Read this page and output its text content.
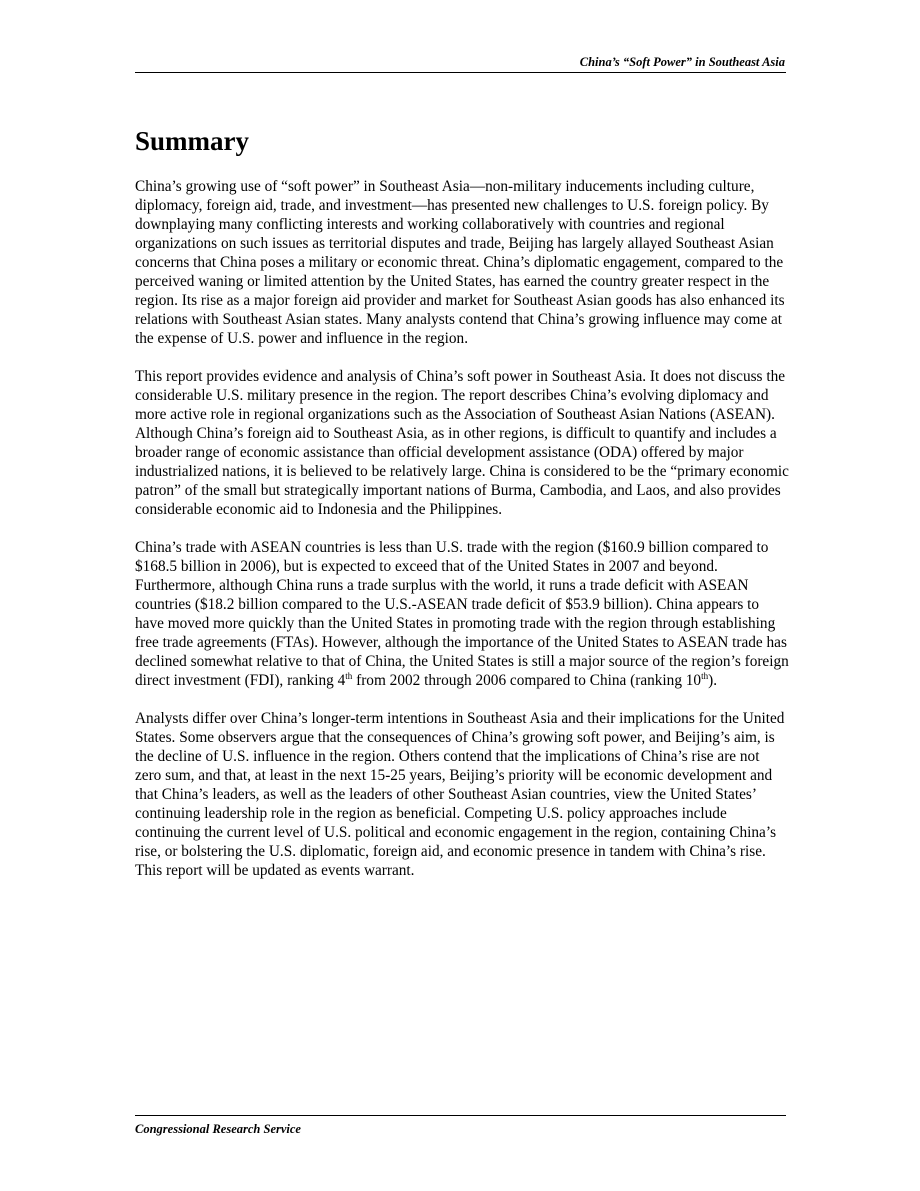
China’s “Soft Power” in Southeast Asia
Summary

China’s growing use of “soft power” in Southeast Asia—non-military inducements including culture, diplomacy, foreign aid, trade, and investment—has presented new challenges to U.S. foreign policy. By downplaying many conflicting interests and working collaboratively with countries and regional organizations on such issues as territorial disputes and trade, Beijing has largely allayed Southeast Asian concerns that China poses a military or economic threat. China’s diplomatic engagement, compared to the perceived waning or limited attention by the United States, has earned the country greater respect in the region. Its rise as a major foreign aid provider and market for Southeast Asian goods has also enhanced its relations with Southeast Asian states. Many analysts contend that China’s growing influence may come at the expense of U.S. power and influence in the region.

This report provides evidence and analysis of China’s soft power in Southeast Asia. It does not discuss the considerable U.S. military presence in the region. The report describes China’s evolving diplomacy and more active role in regional organizations such as the Association of Southeast Asian Nations (ASEAN). Although China’s foreign aid to Southeast Asia, as in other regions, is difficult to quantify and includes a broader range of economic assistance than official development assistance (ODA) offered by major industrialized nations, it is believed to be relatively large. China is considered to be the “primary economic patron” of the small but strategically important nations of Burma, Cambodia, and Laos, and also provides considerable economic aid to Indonesia and the Philippines.

China’s trade with ASEAN countries is less than U.S. trade with the region ($160.9 billion compared to $168.5 billion in 2006), but is expected to exceed that of the United States in 2007 and beyond. Furthermore, although China runs a trade surplus with the world, it runs a trade deficit with ASEAN countries ($18.2 billion compared to the U.S.-ASEAN trade deficit of $53.9 billion). China appears to have moved more quickly than the United States in promoting trade with the region through establishing free trade agreements (FTAs). However, although the importance of the United States to ASEAN trade has declined somewhat relative to that of China, the United States is still a major source of the region’s foreign direct investment (FDI), ranking 4th from 2002 through 2006 compared to China (ranking 10th).

Analysts differ over China’s longer-term intentions in Southeast Asia and their implications for the United States. Some observers argue that the consequences of China’s growing soft power, and Beijing’s aim, is the decline of U.S. influence in the region. Others contend that the implications of China’s rise are not zero sum, and that, at least in the next 15-25 years, Beijing’s priority will be economic development and that China’s leaders, as well as the leaders of other Southeast Asian countries, view the United States’ continuing leadership role in the region as beneficial. Competing U.S. policy approaches include continuing the current level of U.S. political and economic engagement in the region, containing China’s rise, or bolstering the U.S. diplomatic, foreign aid, and economic presence in tandem with China’s rise. This report will be updated as events warrant.

Congressional Research Service
